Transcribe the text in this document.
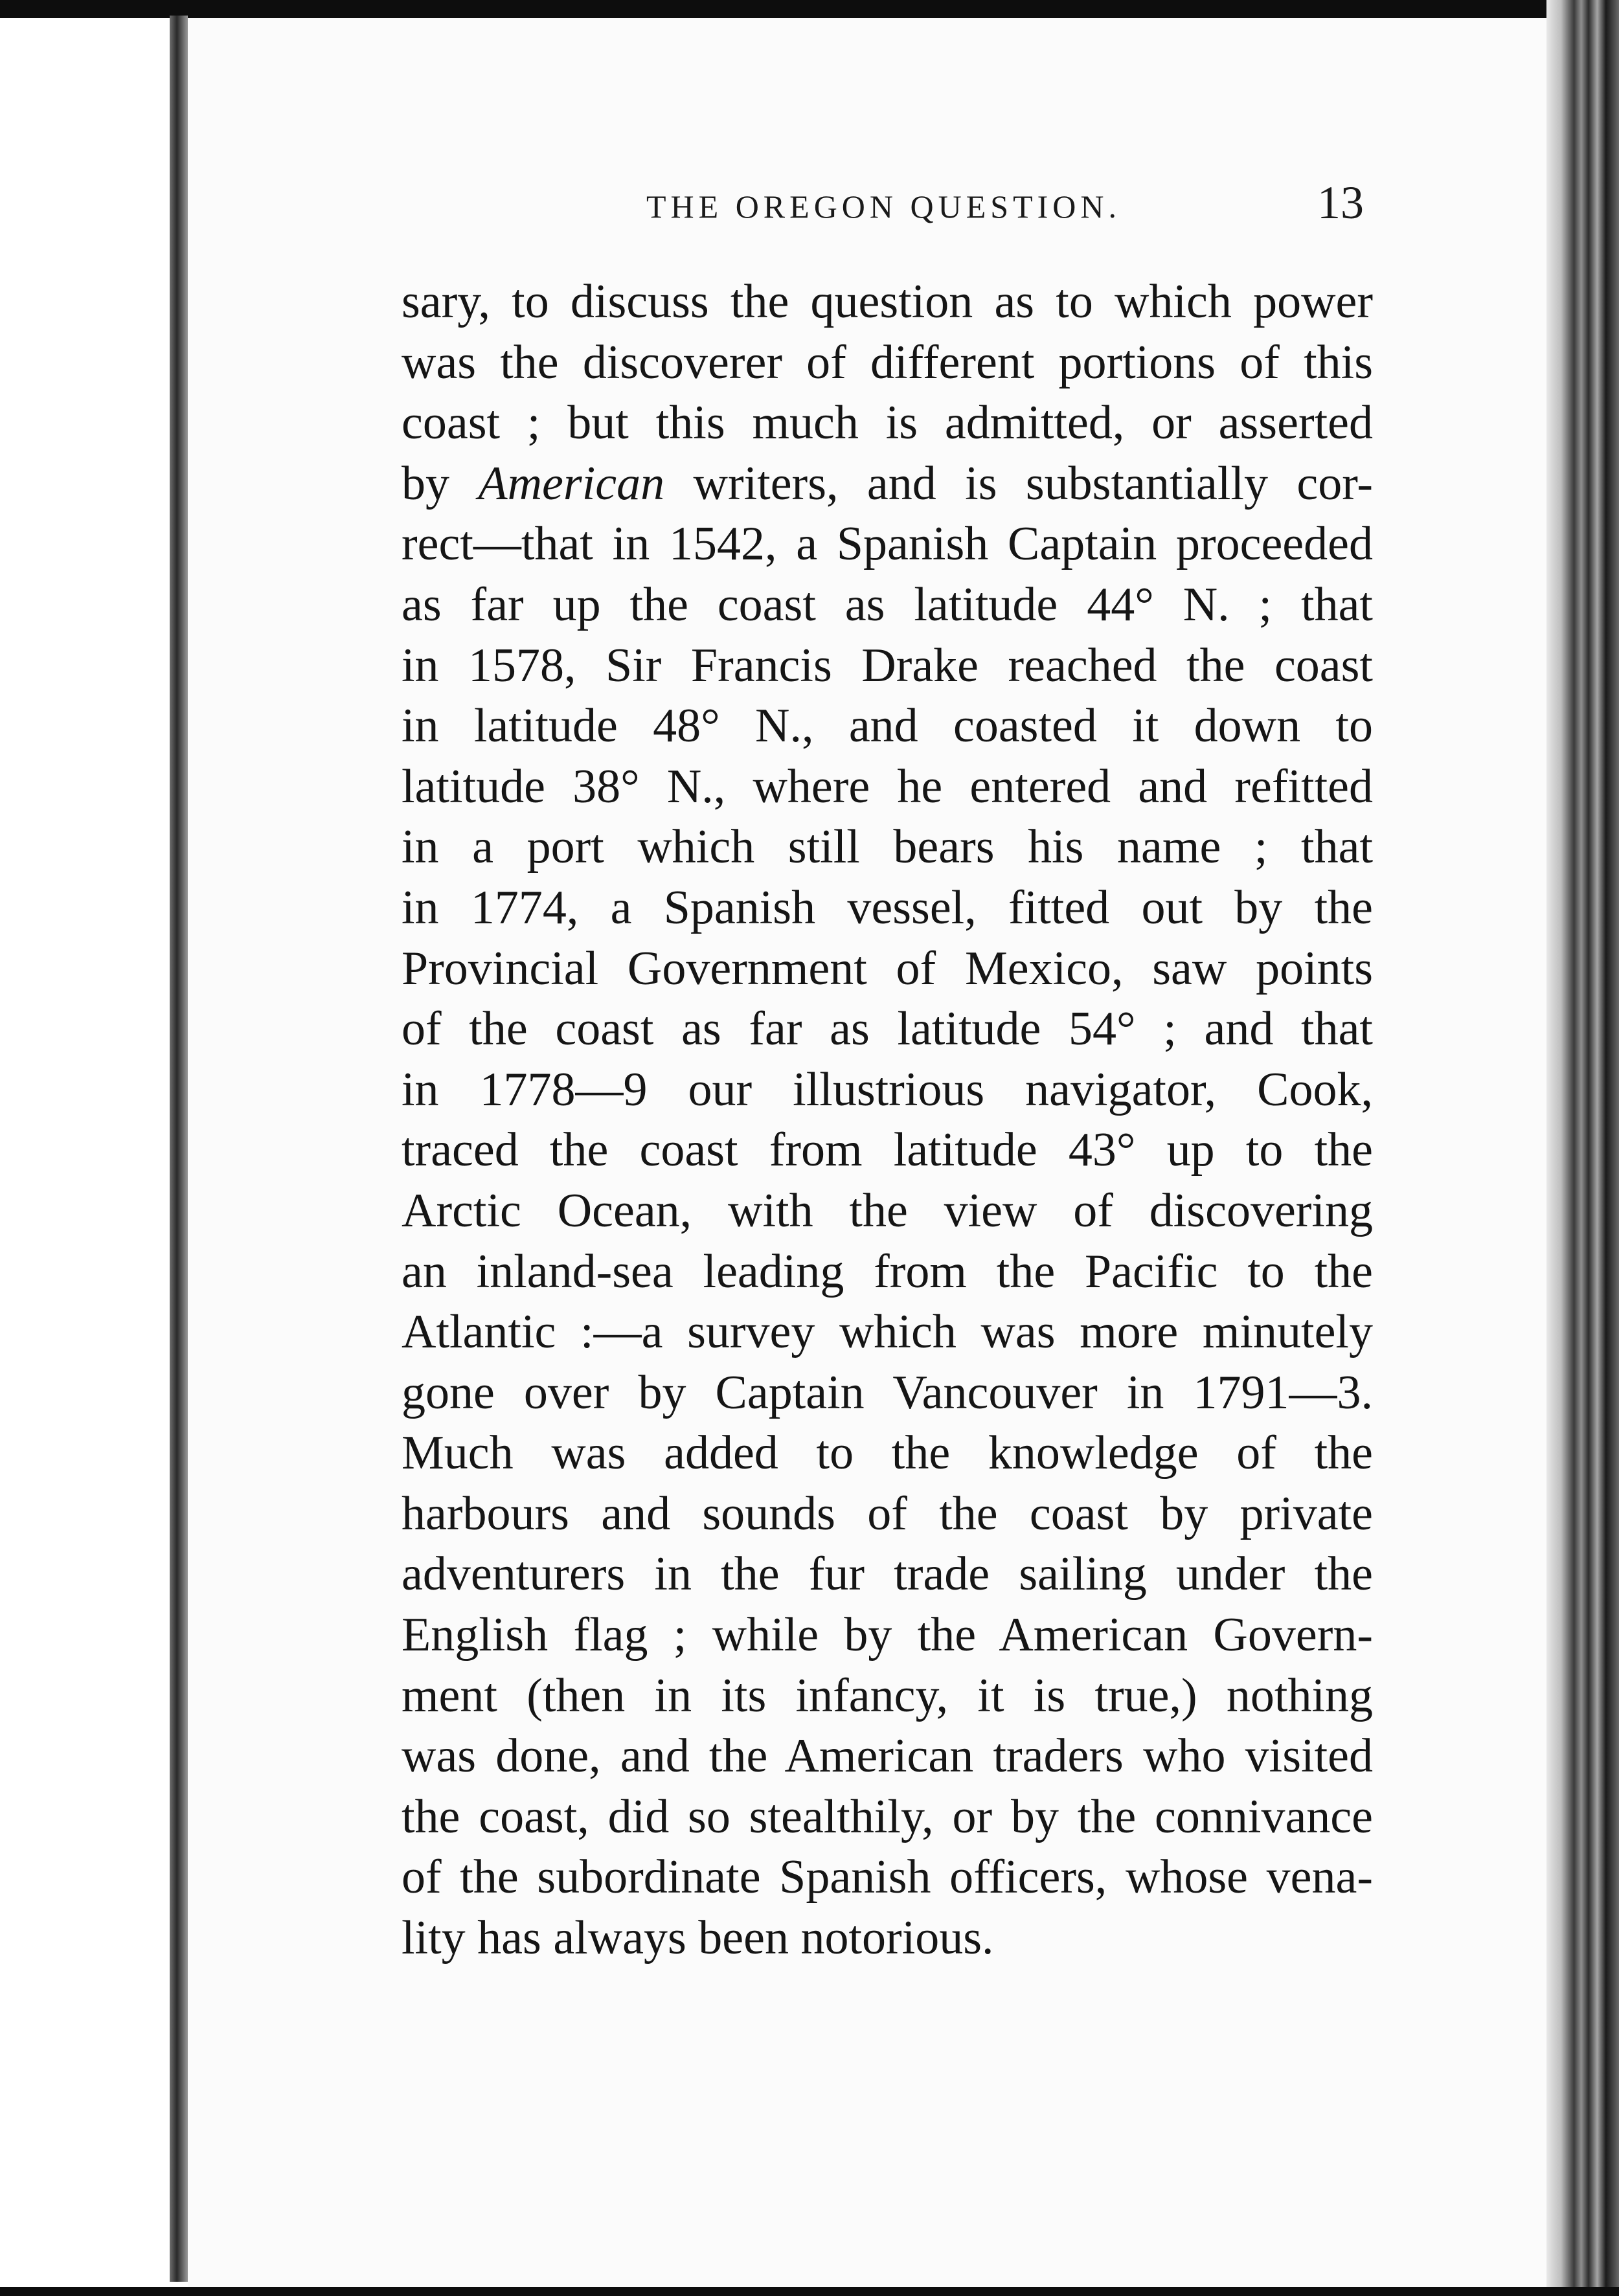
THE OREGON QUESTION.	13
sary, to discuss the question as to which power
was the discoverer of different portions of this
coast ; but this much is admitted, or asserted
by American writers, and is substantially cor-
rect—that in 1542, a Spanish Captain proceeded
as far up the coast as latitude 44° N. ; that
in 1578, Sir Francis Drake reached the coast
in latitude 48° N., and coasted it down to
latitude 38° N., where he entered and refitted
in a port which still bears his name ; that
in 1774, a Spanish vessel, fitted out by the
Provincial Government of Mexico, saw points
of the coast as far as latitude 54° ; and that
in 1778—9 our illustrious navigator, Cook,
traced the coast from latitude 43° up to the
Arctic Ocean, with the view of discovering
an inland-sea leading from the Pacific to the
Atlantic :—a survey which was more minutely
gone over by Captain Vancouver in 1791—3.
Much was added to the knowledge of the
harbours and sounds of the coast by private
adventurers in the fur trade sailing under the
English flag ; while by the American Govern-
ment (then in its infancy, it is true,) nothing
was done, and the American traders who visited
the coast, did so stealthily, or by the connivance
of the subordinate Spanish officers, whose vena-
lity has always been notorious.
